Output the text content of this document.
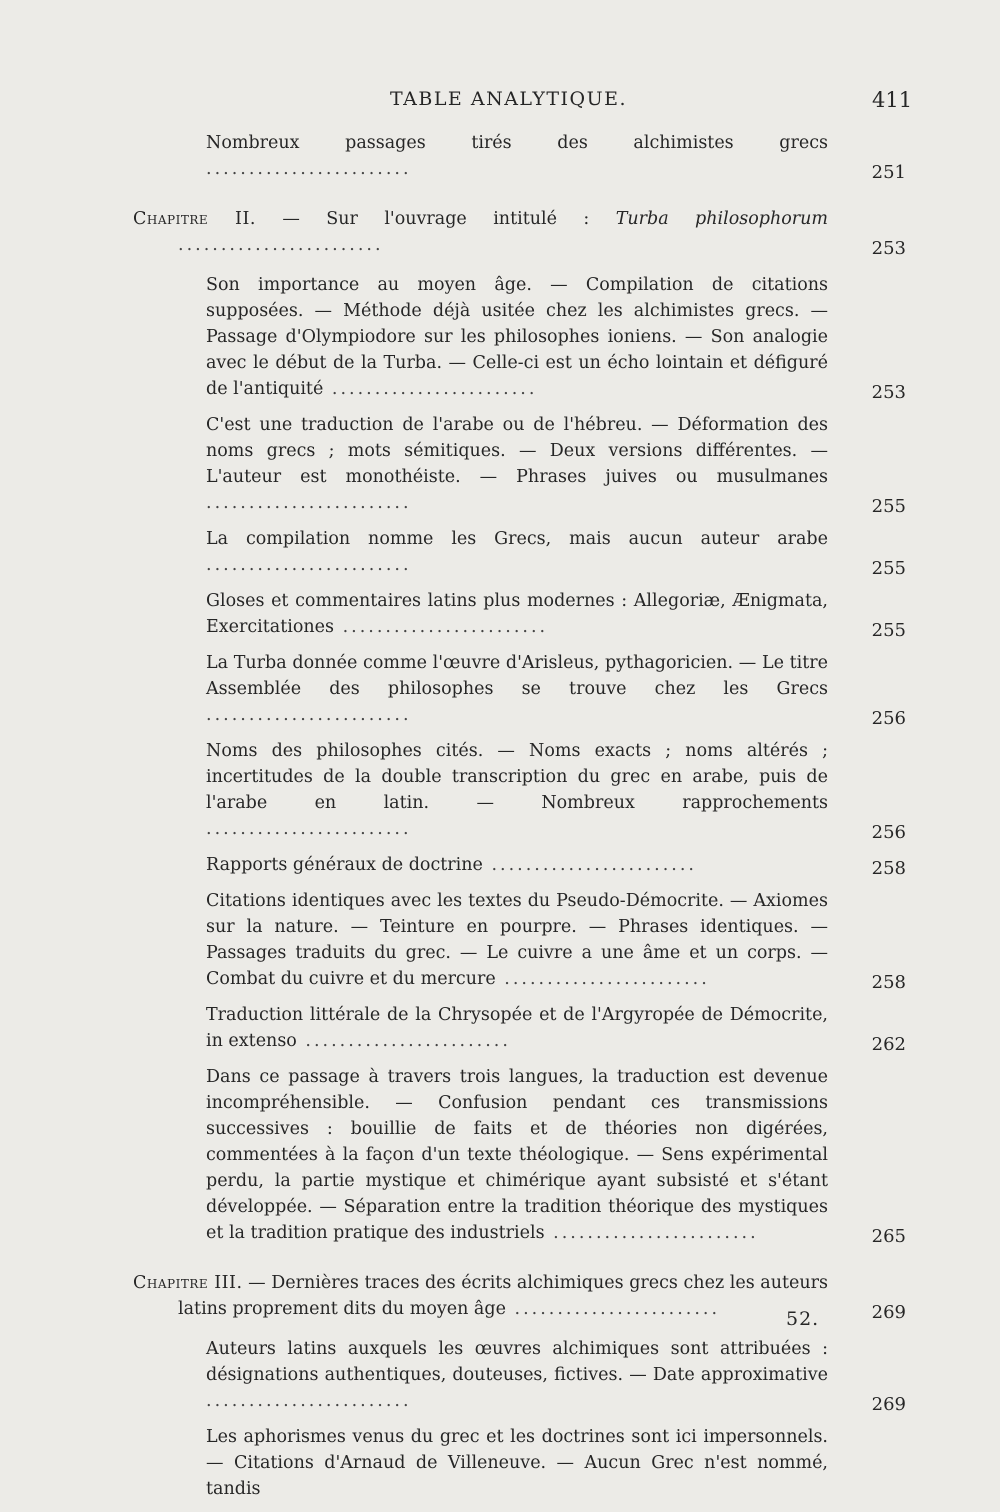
TABLE ANALYTIQUE.	411
Nombreux passages tirés des alchimistes grecs ........................	251
Chapitre II. — Sur l'ouvrage intitulé : Turba philosophorum ........................	253
Son importance au moyen âge. — Compilation de citations supposées. — Méthode déjà usitée chez les alchimistes grecs. — Passage d'Olympiodore sur les philosophes ioniens. — Son analogie avec le début de la Turba. — Celle-ci est un écho lointain et défiguré de l'antiquité ........................	253
C'est une traduction de l'arabe ou de l'hébreu. — Déformation des noms grecs ; mots sémitiques. — Deux versions différentes. — L'auteur est monothéiste. — Phrases juives ou musulmanes ........................	255
La compilation nomme les Grecs, mais aucun auteur arabe ........................	255
Gloses et commentaires latins plus modernes : Allegoriæ, Ænigmata, Exercitationes ........................	255
La Turba donnée comme l'œuvre d'Arisleus, pythagoricien. — Le titre Assemblée des philosophes se trouve chez les Grecs ........................	256
Noms des philosophes cités. — Noms exacts ; noms altérés ; incertitudes de la double transcription du grec en arabe, puis de l'arabe en latin. — Nombreux rapprochements ........................	256
Rapports généraux de doctrine ........................	258
Citations identiques avec les textes du Pseudo-Démocrite. — Axiomes sur la nature. — Teinture en pourpre. — Phrases identiques. — Passages traduits du grec. — Le cuivre a une âme et un corps. — Combat du cuivre et du mercure ........................	258
Traduction littérale de la Chrysopée et de l'Argyropée de Démocrite, in extenso ........................	262
Dans ce passage à travers trois langues, la traduction est devenue incompréhensible. — Confusion pendant ces transmissions successives : bouillie de faits et de théories non digérées, commentées à la façon d'un texte théologique. — Sens expérimental perdu, la partie mystique et chimérique ayant subsisté et s'étant développée. — Séparation entre la tradition théorique des mystiques et la tradition pratique des industriels ........................	265
Chapitre III. — Dernières traces des écrits alchimiques grecs chez les auteurs latins proprement dits du moyen âge ........................	269
Auteurs latins auxquels les œuvres alchimiques sont attribuées : désignations authentiques, douteuses, fictives. — Date approximative ........................	269
Les aphorismes venus du grec et les doctrines sont ici impersonnels. — Citations d'Arnaud de Villeneuve. — Aucun Grec n'est nommé, tandis
52.
